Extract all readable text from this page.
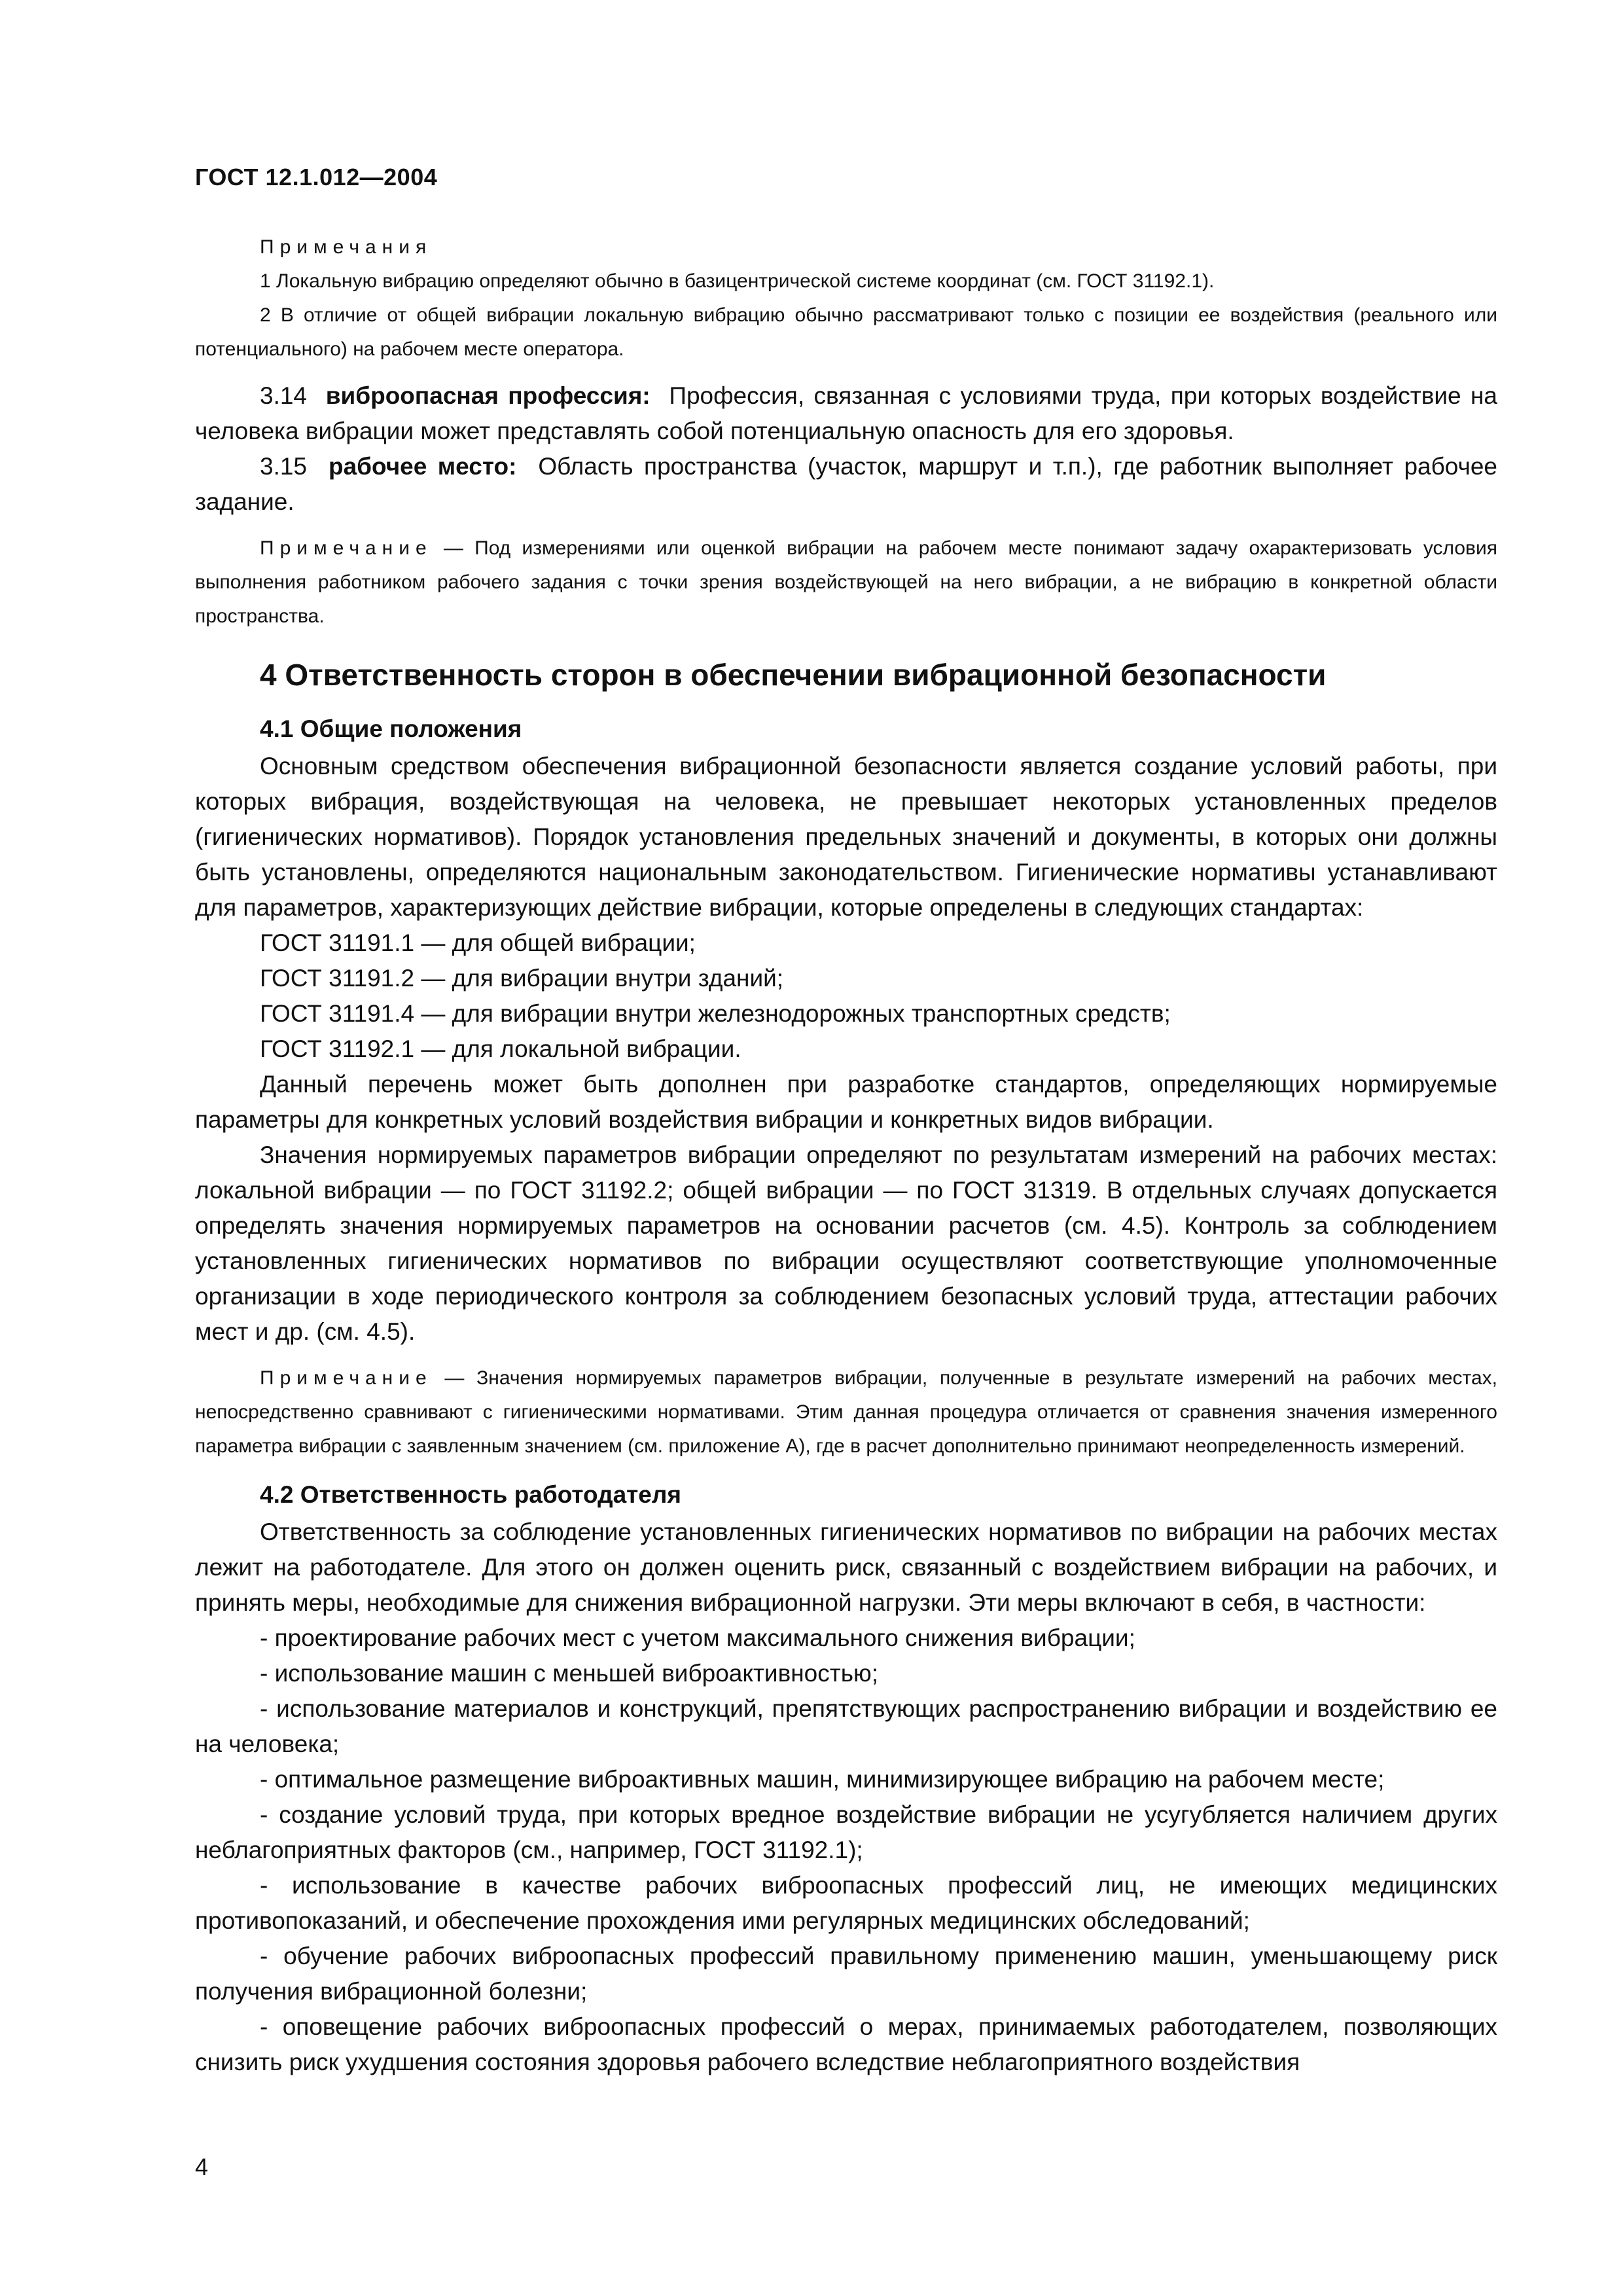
ГОСТ 12.1.012—2004
Примечания
1 Локальную вибрацию определяют обычно в базицентрической системе координат (см. ГОСТ 31192.1).
2 В отличие от общей вибрации локальную вибрацию обычно рассматривают только с позиции ее воздействия (реального или потенциального) на рабочем месте оператора.

3.14 виброопасная профессия: Профессия, связанная с условиями труда, при которых воздействие на человека вибрации может представлять собой потенциальную опасность для его здоровья.

3.15 рабочее место: Область пространства (участок, маршрут и т.п.), где работник выполняет рабочее задание.

Примечание — Под измерениями или оценкой вибрации на рабочем месте понимают задачу охарактеризовать условия выполнения работником рабочего задания с точки зрения воздействующей на него вибрации, а не вибрацию в конкретной области пространства.
4 Ответственность сторон в обеспечении вибрационной безопасности
4.1 Общие положения

Основным средством обеспечения вибрационной безопасности является создание условий работы, при которых вибрация, воздействующая на человека, не превышает некоторых установленных пределов (гигиенических нормативов). Порядок установления предельных значений и документы, в которых они должны быть установлены, определяются национальным законодательством. Гигиенические нормативы устанавливают для параметров, характеризующих действие вибрации, которые определены в следующих стандартах:

ГОСТ 31191.1 — для общей вибрации;

ГОСТ 31191.2 — для вибрации внутри зданий;

ГОСТ 31191.4 — для вибрации внутри железнодорожных транспортных средств;

ГОСТ 31192.1 — для локальной вибрации.

Данный перечень может быть дополнен при разработке стандартов, определяющих нормируемые параметры для конкретных условий воздействия вибрации и конкретных видов вибрации.

Значения нормируемых параметров вибрации определяют по результатам измерений на рабочих местах: локальной вибрации — по ГОСТ 31192.2; общей вибрации — по ГОСТ 31319. В отдельных случаях допускается определять значения нормируемых параметров на основании расчетов (см. 4.5). Контроль за соблюдением установленных гигиенических нормативов по вибрации осуществляют соответствующие уполномоченные организации в ходе периодического контроля за соблюдением безопасных условий труда, аттестации рабочих мест и др. (см. 4.5).

Примечание — Значения нормируемых параметров вибрации, полученные в результате измерений на рабочих местах, непосредственно сравнивают с гигиеническими нормативами. Этим данная процедура отличается от сравнения значения измеренного параметра вибрации с заявленным значением (см. приложение А), где в расчет дополнительно принимают неопределенность измерений.
4.2 Ответственность работодателя

Ответственность за соблюдение установленных гигиенических нормативов по вибрации на рабочих местах лежит на работодателе. Для этого он должен оценить риск, связанный с воздействием вибрации на рабочих, и принять меры, необходимые для снижения вибрационной нагрузки. Эти меры включают в себя, в частности:

- проектирование рабочих мест с учетом максимального снижения вибрации;

- использование машин с меньшей виброактивностью;

- использование материалов и конструкций, препятствующих распространению вибрации и воздействию ее на человека;

- оптимальное размещение виброактивных машин, минимизирующее вибрацию на рабочем месте;

- создание условий труда, при которых вредное воздействие вибрации не усугубляется наличием других неблагоприятных факторов (см., например, ГОСТ 31192.1);

- использование в качестве рабочих виброопасных профессий лиц, не имеющих медицинских противопоказаний, и обеспечение прохождения ими регулярных медицинских обследований;

- обучение рабочих виброопасных профессий правильному применению машин, уменьшающему риск получения вибрационной болезни;

- оповещение рабочих виброопасных профессий о мерах, принимаемых работодателем, позволяющих снизить риск ухудшения состояния здоровья рабочего вследствие неблагоприятного воздействия

4
